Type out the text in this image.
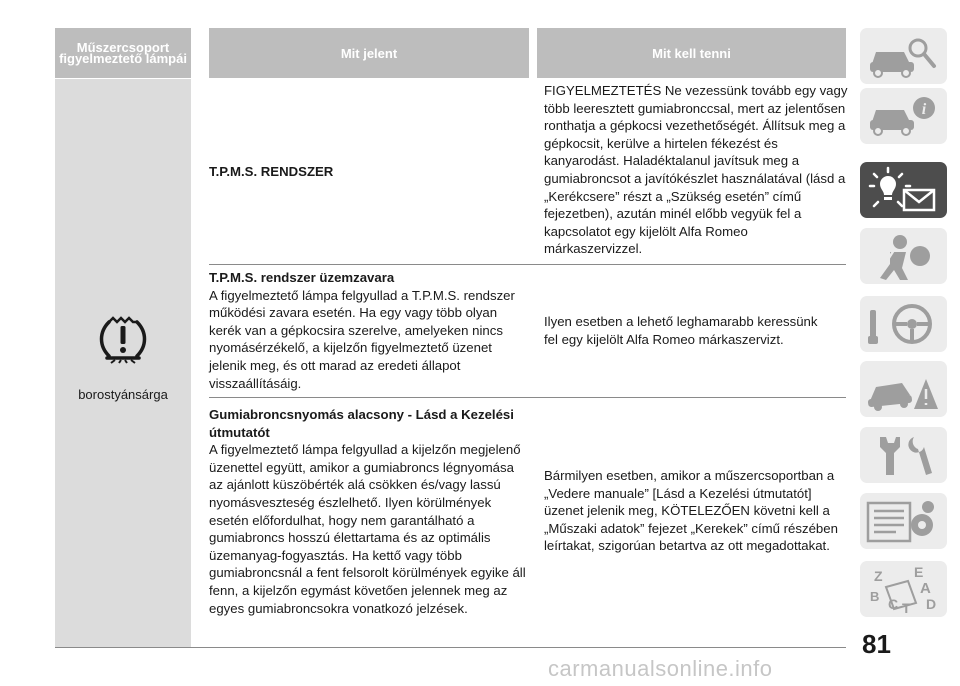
Műszercsoport figyelmeztető lámpái	Mit jelent	Mit kell tenni
borostyánsárga
T.P.M.S. RENDSZER
FIGYELMEZTETÉS Ne vezessünk tovább egy vagy több leeresztett gumiabronccsal, mert az jelentősen ronthatja a gépkocsi vezethetőségét. Állítsuk meg a gépkocsit, kerülve a hirtelen fékezést és kanyarodást. Haladéktalanul javítsuk meg a gumiabroncsot a javítókészlet használatával (lásd a „Kerékcsere” részt a „Szükség esetén” című fejezetben), azután minél előbb vegyük fel a kapcsolatot egy kijelölt Alfa Romeo márkaszervizzel.
T.P.M.S. rendszer üzemzavara
A figyelmeztető lámpa felgyullad a T.P.M.S. rendszer működési zavara esetén. Ha egy vagy több olyan kerék van a gépkocsira szerelve, amelyeken nincs nyomásérzékelő, a kijelzőn figyelmeztető üzenet jelenik meg, és ott marad az eredeti állapot visszaállításáig.
Ilyen esetben a lehető leghamarabb keressünk fel egy kijelölt Alfa Romeo márkaszervizt.
Gumiabroncsnyomás alacsony - Lásd a Kezelési útmutatót
A figyelmeztető lámpa felgyullad a kijelzőn megjelenő üzenettel együtt, amikor a gumiabroncs légnyomása az ajánlott küszöbérték alá csökken és/vagy lassú nyomásveszteség észlelhető. Ilyen körülmények esetén előfordulhat, hogy nem garantálható a gumiabroncs hosszú élettartama és az optimális üzemanyag-fogyasztás. Ha kettő vagy több gumiabroncsnál a fent felsorolt körülmények egyike áll fenn, a kijelzőn egymást követően jelennek meg az egyes gumiabroncsokra vonatkozó jelzések.
Bármilyen esetben, amikor a műszercsoportban a „Vedere manuale” [Lásd a Kezelési útmutatót] üzenet jelenik meg, KÖTELEZŐEN követni kell a „Műszaki adatok” fejezet „Kerekek” című részében leírtakat, szigorúan betartva az ott megadottakat.
i
Z E
A
B C T D
81
carmanualsonline.info
